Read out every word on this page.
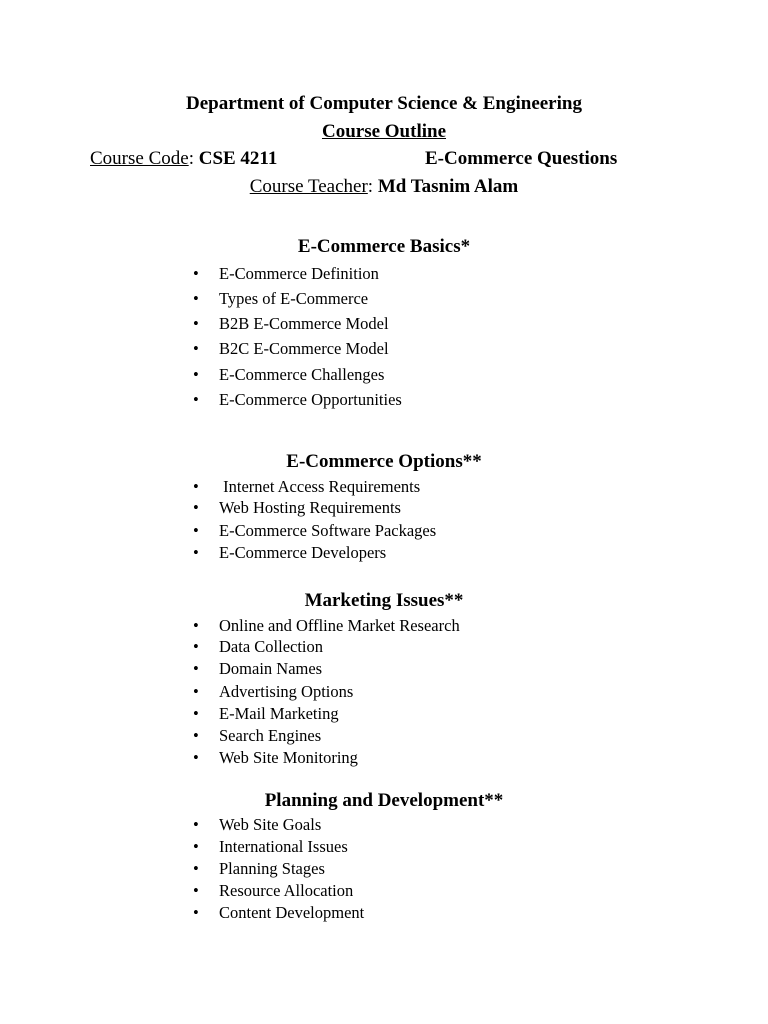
Department of Computer Science & Engineering
Course Outline
Course Code: CSE 4211	E-Commerce Questions
Course Teacher: Md Tasnim Alam
E-Commerce Basics*
• E-Commerce Definition
• Types of E-Commerce
• B2B E-Commerce Model
• B2C E-Commerce Model
• E-Commerce Challenges
• E-Commerce Opportunities
E-Commerce Options**
• Internet Access Requirements
• Web Hosting Requirements
• E-Commerce Software Packages
• E-Commerce Developers
Marketing Issues**
• Online and Offline Market Research
• Data Collection
• Domain Names
• Advertising Options
• E-Mail Marketing
• Search Engines
• Web Site Monitoring
Planning and Development**
• Web Site Goals
• International Issues
• Planning Stages
• Resource Allocation
• Content Development
